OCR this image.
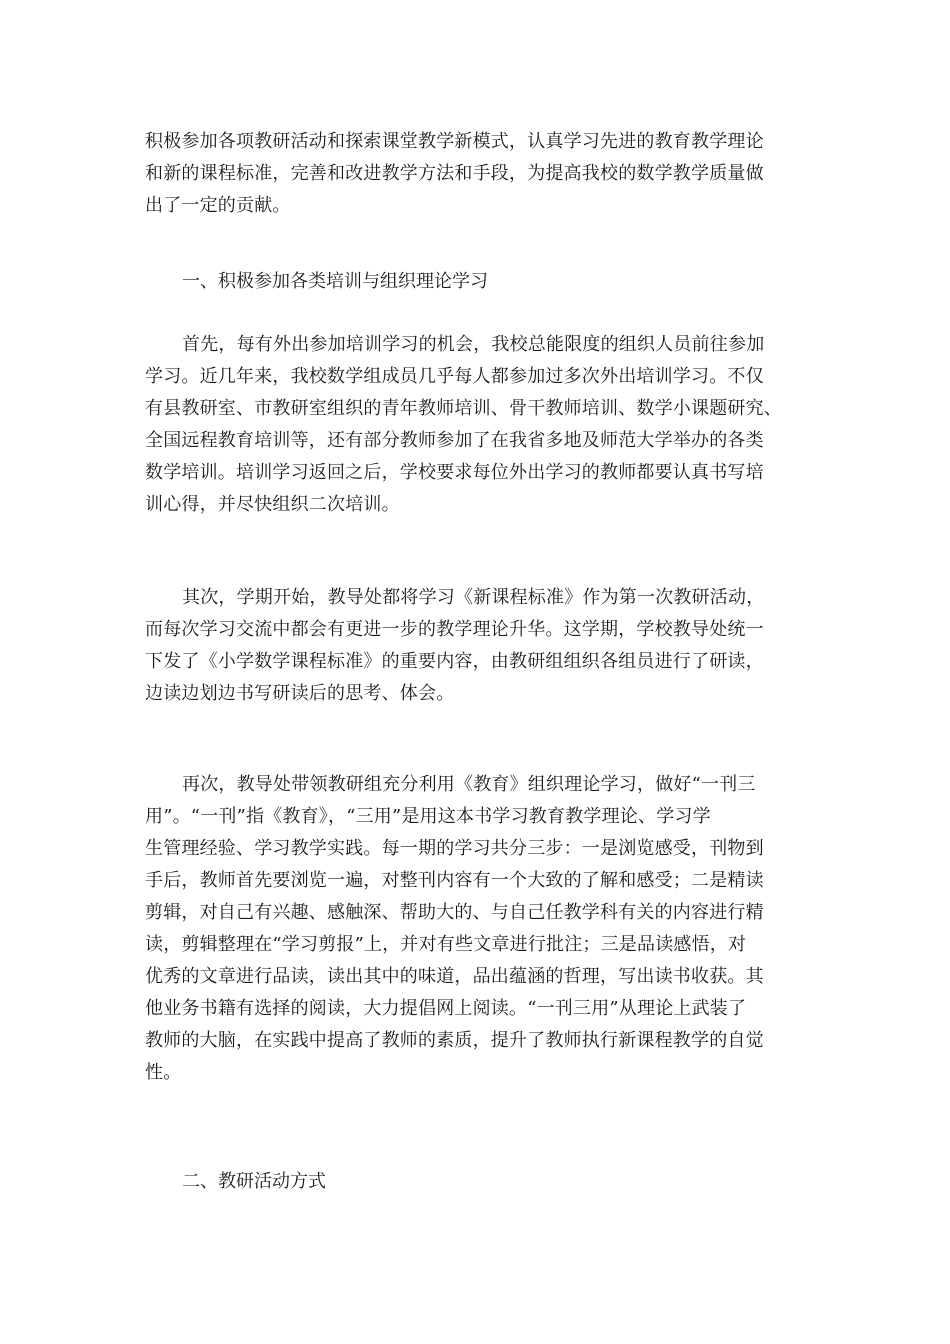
积极参加各项教研活动和探索课堂教学新模式，认真学习先进的教育教学理论
和新的课程标准，完善和改进教学方法和手段，为提高我校的数学教学质量做
出了一定的贡献。

一、积极参加各类培训与组织理论学习

首先，每有外出参加培训学习的机会，我校总能限度的组织人员前往参加
学习。近几年来，我校数学组成员几乎每人都参加过多次外出培训学习。不仅
有县教研室、市教研室组织的青年教师培训、骨干教师培训、数学小课题研究、
全国远程教育培训等，还有部分教师参加了在我省多地及师范大学举办的各类
数学培训。培训学习返回之后，学校要求每位外出学习的教师都要认真书写培
训心得，并尽快组织二次培训。

其次，学期开始，教导处都将学习《新课程标准》作为第一次教研活动，
而每次学习交流中都会有更进一步的教学理论升华。这学期，学校教导处统一
下发了《小学数学课程标准》的重要内容，由教研组组织各组员进行了研读，
边读边划边书写研读后的思考、体会。

再次，教导处带领教研组充分利用《教育》组织理论学习，做好“一刊三
用”。“一刊”指《教育》，“三用”是用这本书学习教育教学理论、学习学
生管理经验、学习教学实践。每一期的学习共分三步：一是浏览感受，刊物到
手后，教师首先要浏览一遍，对整刊内容有一个大致的了解和感受；二是精读
剪辑，对自己有兴趣、感触深、帮助大的、与自己任教学科有关的内容进行精
读，剪辑整理在“学习剪报”上，并对有些文章进行批注；三是品读感悟，对
优秀的文章进行品读，读出其中的味道，品出蕴涵的哲理，写出读书收获。其
他业务书籍有选择的阅读，大力提倡网上阅读。“一刊三用”从理论上武装了
教师的大脑，在实践中提高了教师的素质，提升了教师执行新课程教学的自觉
性。

二、教研活动方式
